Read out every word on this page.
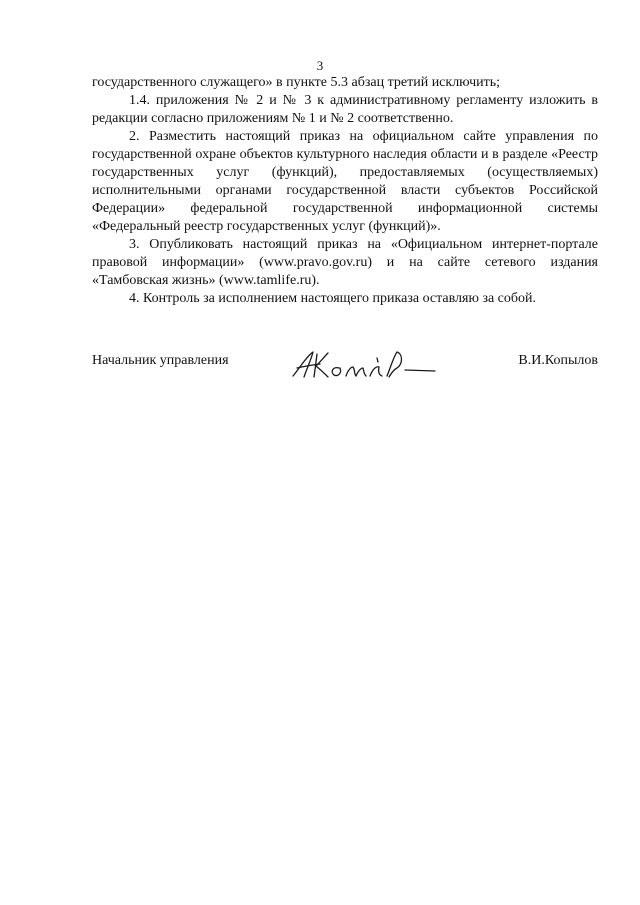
3

государственного служащего» в пункте 5.3 абзац третий исключить;

1.4. приложения № 2 и № 3 к административному регламенту изложить в редакции согласно приложениям № 1 и № 2 соответственно.

2. Разместить настоящий приказ на официальном сайте управления по государственной охране объектов культурного наследия области и в разделе «Реестр государственных услуг (функций), предоставляемых (осуществляемых) исполнительными органами государственной власти субъектов Российской Федерации» федеральной государственной информационной системы «Федеральный реестр государственных услуг (функций)».

3. Опубликовать настоящий приказ на «Официальном интернет-портале правовой информации» (www.pravo.gov.ru) и на сайте сетевого издания «Тамбовская жизнь» (www.tamlife.ru).

4. Контроль за исполнением настоящего приказа оставляю за собой.

Начальник управления	В.И.Копылов
